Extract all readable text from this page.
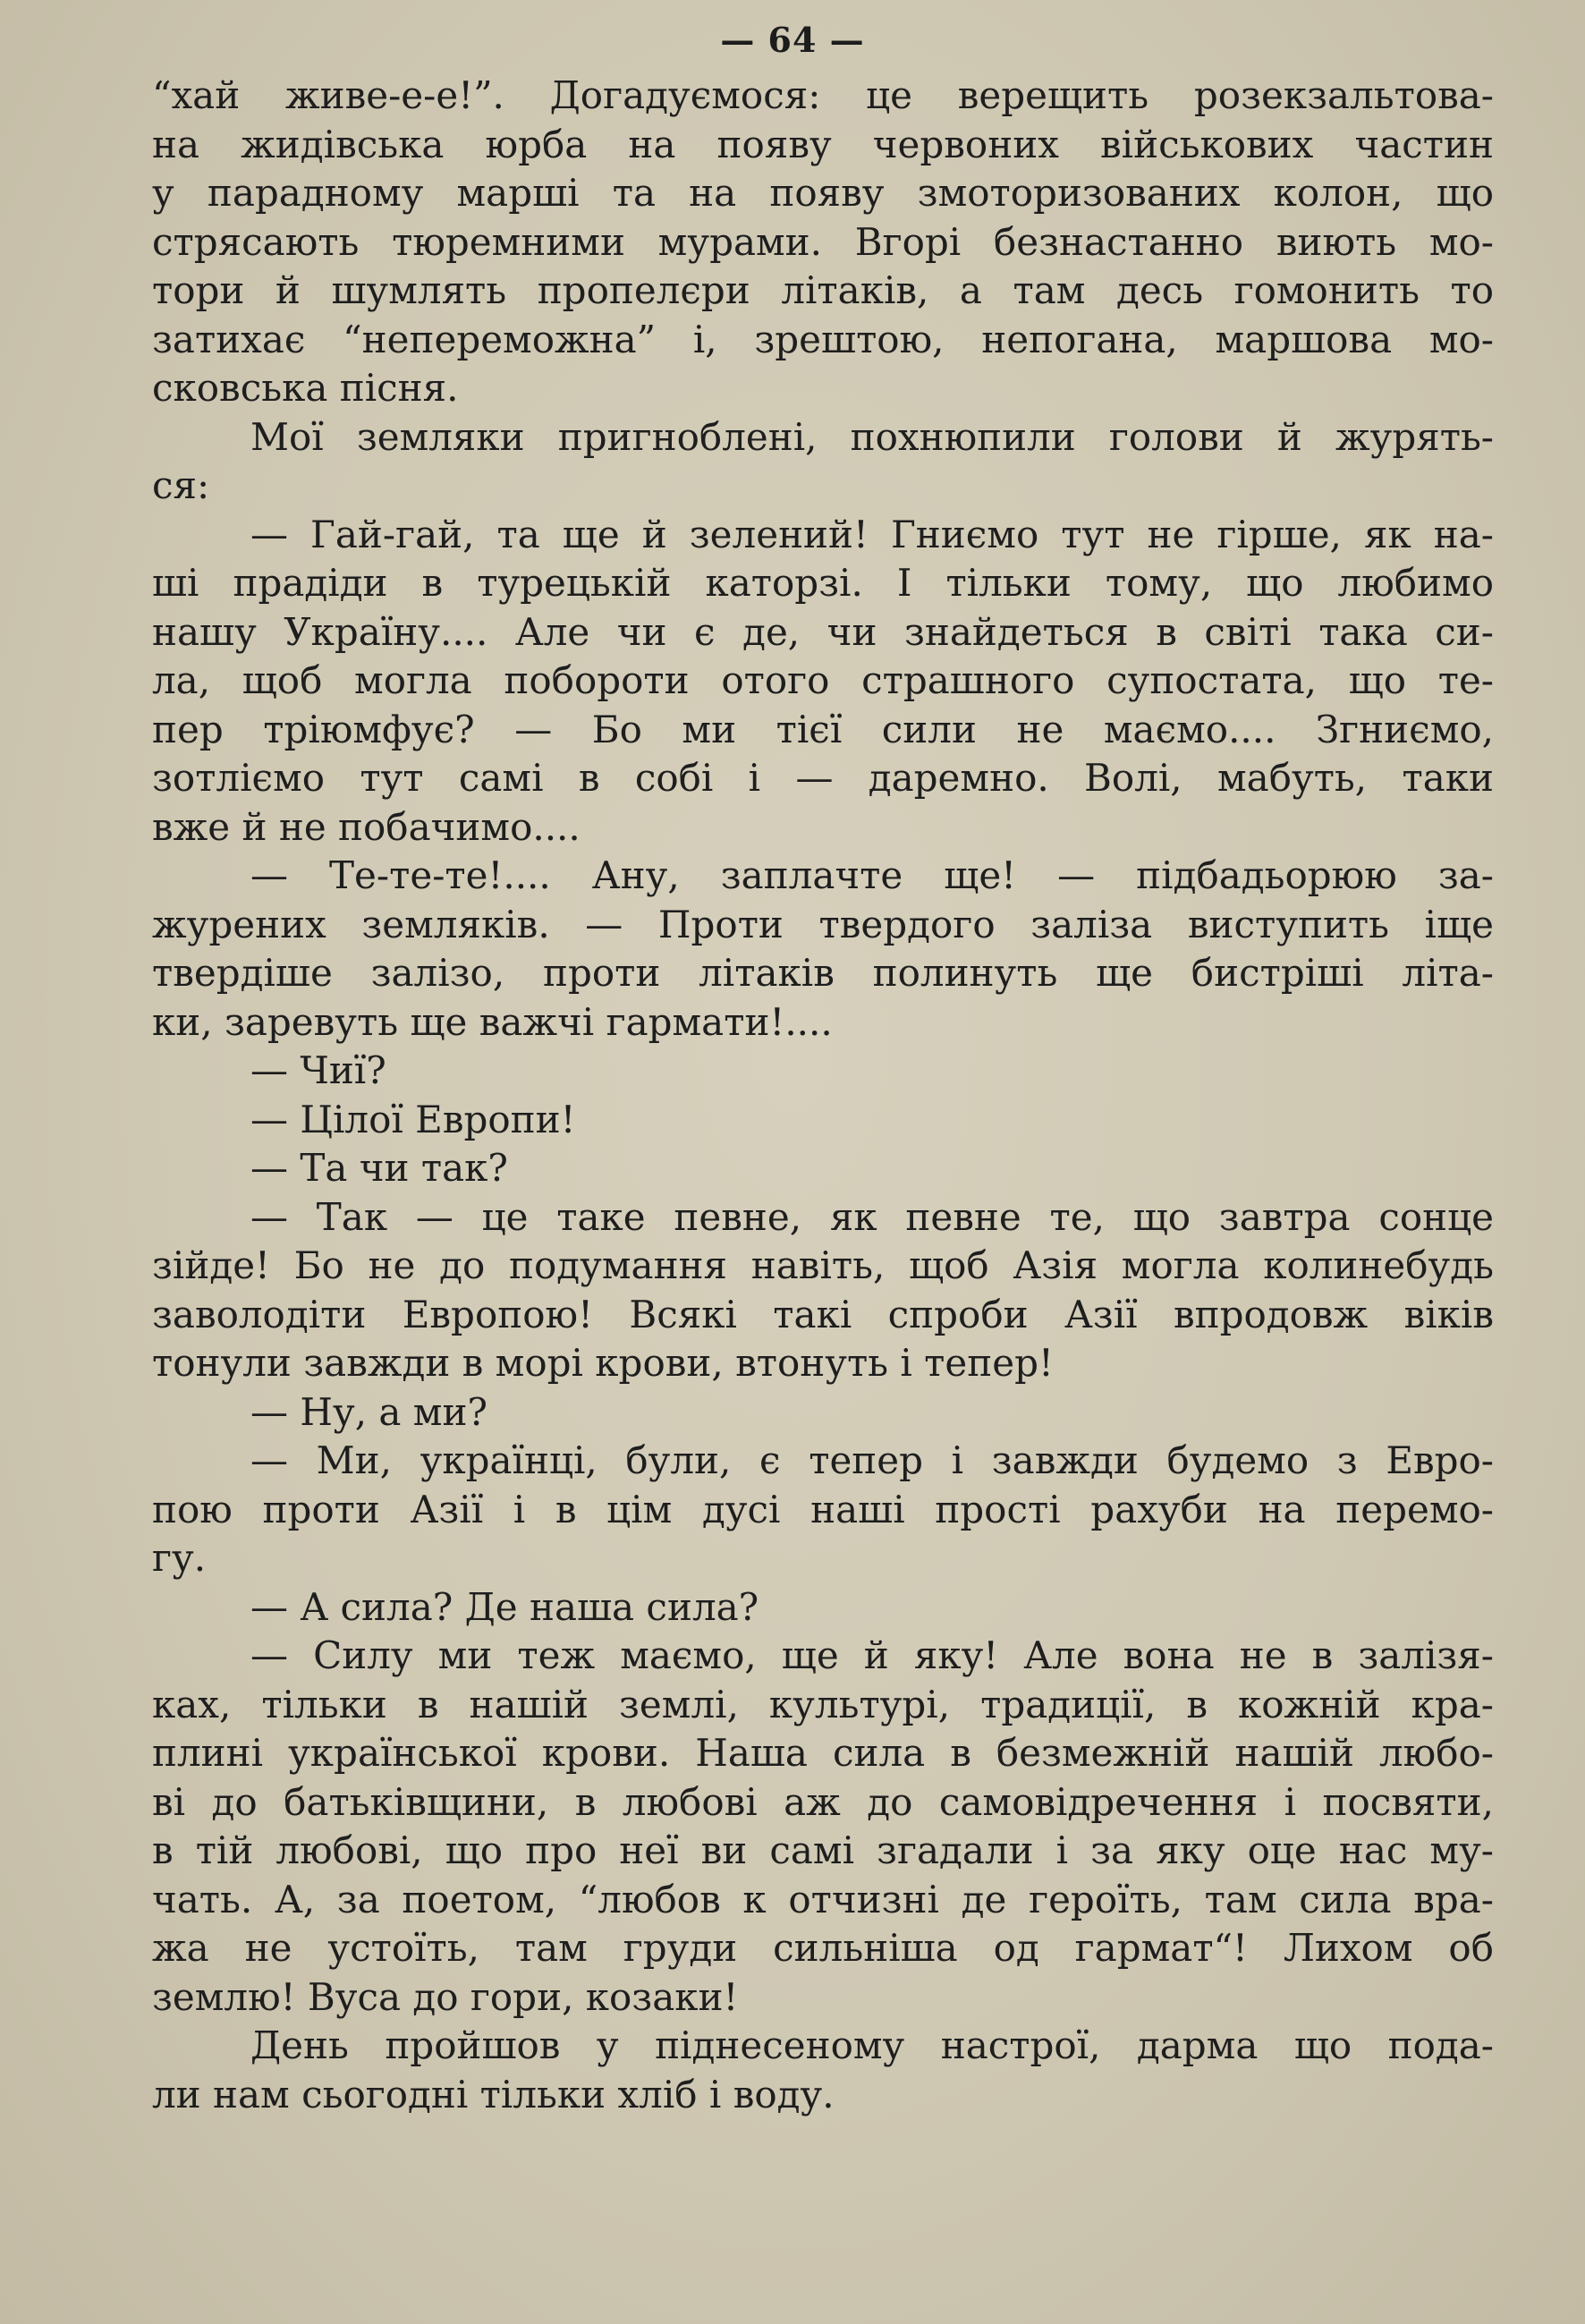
— 64 —
“хай живе-е-е!”. Догадуємося: це верещить розекзальтова-
на жидівська юрба на появу червоних військових частин
у парадному марші та на появу змоторизованих колон, що
стрясають тюремними мурами. Вгорі безнастанно виють мо-
тори й шумлять пропелєри літаків, а там десь гомонить то
затихає “непереможна” і, зрештою, непогана, маршова мо-
сковська пісня.
Мої земляки пригноблені, похнюпили голови й журять-
ся:
— Гай-гай, та ще й зелений! Гниємо тут не гірше, як на-
ші прадіди в турецькій каторзі. І тільки тому, що любимо
нашу Україну.... Але чи є де, чи знайдеться в світі така си-
ла, щоб могла побороти отого страшного супостата, що те-
пер тріюмфує? — Бо ми тієї сили не маємо.... Згниємо,
зотліємо тут самі в собі і — даремно. Волі, мабуть, таки
вже й не побачимо....
— Те-те-те!.... Ану, заплачте ще! — підбадьорюю за-
журених земляків. — Проти твердого заліза виступить іще
твердіше залізо, проти літаків полинуть ще бистріші літа-
ки, заревуть ще важчі гармати!....
— Чиї?
— Цілої Европи!
— Та чи так?
— Так — це таке певне, як певне те, що завтра сонце
зійде! Бо не до подумання навіть, щоб Азія могла колинебудь
заволодіти Европою! Всякі такі спроби Азії впродовж віків
тонули завжди в морі крови, втонуть і тепер!
— Ну, а ми?
— Ми, українці, були, є тепер і завжди будемо з Евро-
пою проти Азії і в цім дусі наші прості рахуби на перемо-
гу.
— А сила? Де наша сила?
— Силу ми теж маємо, ще й яку! Але вона не в залізя-
ках, тільки в нашій землі, культурі, традиції, в кожній кра-
плині української крови. Наша сила в безмежній нашій любо-
ві до батьківщини, в любові аж до самовідречення і посвяти,
в тій любові, що про неї ви самі згадали і за яку оце нас му-
чать. А, за поетом, “любов к отчизні де героїть, там сила вра-
жа не устоїть, там груди сильніша од гармат“! Лихом об
землю! Вуса до гори, козаки!
День пройшов у піднесеному настрої, дарма що пода-
ли нам сьогодні тільки хліб і воду.
